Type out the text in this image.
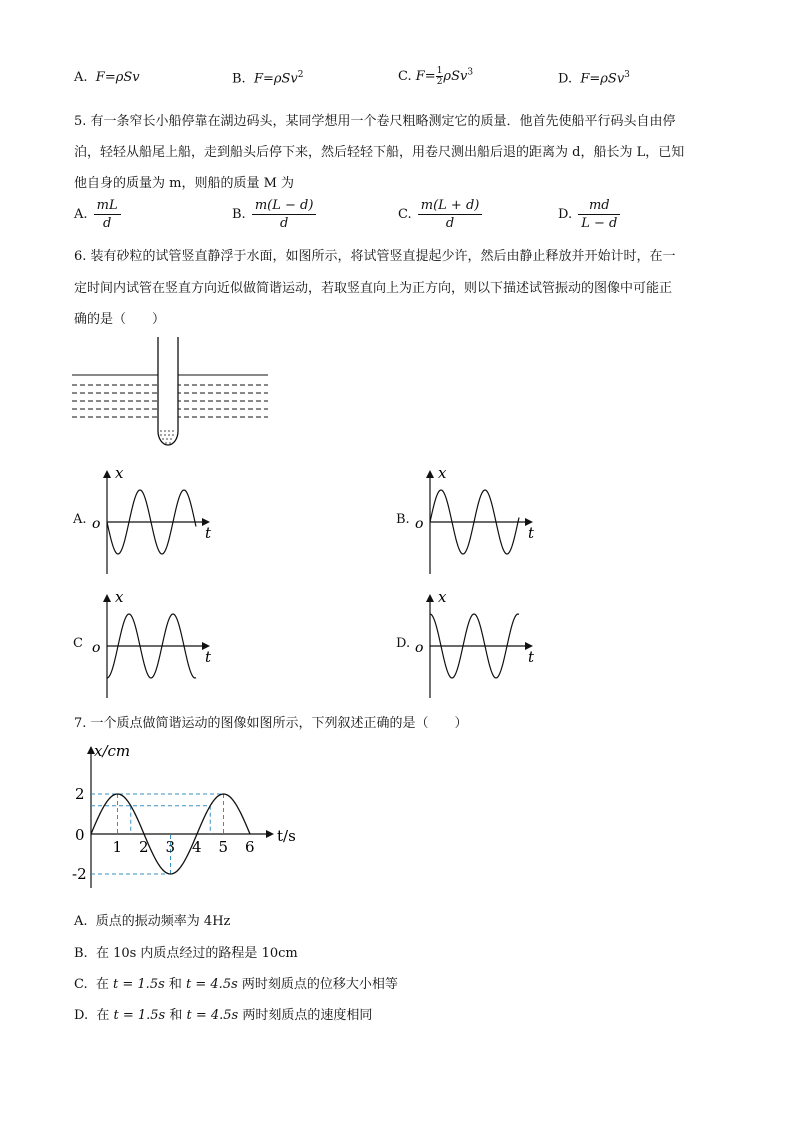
A. F=ρSv	B. F=ρSv$^2$	C. $F= \frac{1}{2} \rho Sv^3$	D. F=ρSv$^3$
5. 有一条窄长小船停靠在湖边码头，某同学想用一个卷尺粗略测定它的质量．他首先使船平行码头自由停
泊，轻轻从船尾上船，走到船头后停下来，然后轻轻下船，用卷尺测出船后退的距离为 d，船长为 L，已知
他自身的质量为 m，则船的质量 M 为
A. $\frac{mL}{d}$	B. $\frac{m(L - d)}{d}$	C. $\frac{m(L + d)}{d}$	D. $\frac{md}{L - d}$
6. 装有砂粒的试管竖直静浮于水面，如图所示，将试管竖直提起少许，然后由静止释放并开始计时，在一
定时间内试管在竖直方向近似做简谐运动，若取竖直向上为正方向，则以下描述试管振动的图像中可能正
确的是（　　）
A.	B.
C	D.
x
t
o
x
t
o
x
t
o
x
t
o
7. 一个质点做简谐运动的图像如图所示，下列叙述正确的是（　　）
x/cm
t/s
0
1 2 3 4 5 6
2
-2
A. 质点的振动频率为 4Hz
B. 在 10s 内质点经过的路程是 10cm
C. 在 t = 1.5s 和 t = 4.5s 两时刻质点的位移大小相等
D. 在 t = 1.5s 和 t = 4.5s 两时刻质点的速度相同
